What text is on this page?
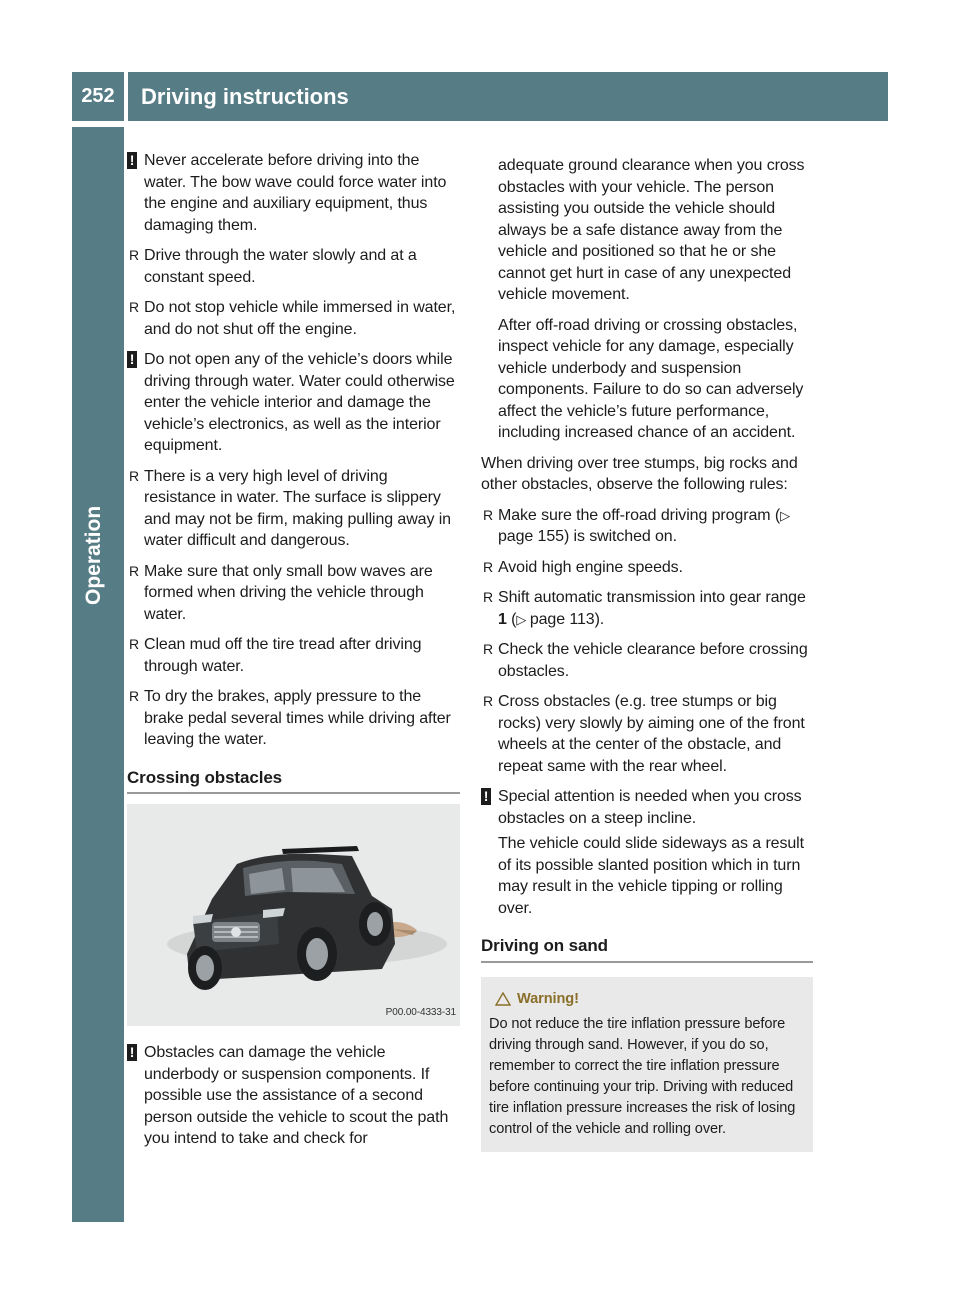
252	Driving instructions
Operation
! Never accelerate before driving into the water. The bow wave could force water into the engine and auxiliary equipment, thus damaging them.
R Drive through the water slowly and at a constant speed.
R Do not stop vehicle while immersed in water, and do not shut off the engine.
! Do not open any of the vehicle’s doors while driving through water. Water could otherwise enter the vehicle interior and damage the vehicle’s electronics, as well as the interior equipment.
R There is a very high level of driving resistance in water. The surface is slippery and may not be firm, making pulling away in water difficult and dangerous.
R Make sure that only small bow waves are formed when driving the vehicle through water.
R Clean mud off the tire tread after driving through water.
R To dry the brakes, apply pressure to the brake pedal several times while driving after leaving the water.
Crossing obstacles
P00.00-4333-31
! Obstacles can damage the vehicle underbody or suspension components. If possible use the assistance of a second person outside the vehicle to scout the path you intend to take and check for
adequate ground clearance when you cross obstacles with your vehicle. The person assisting you outside the vehicle should always be a safe distance away from the vehicle and positioned so that he or she cannot get hurt in case of any unexpected vehicle movement.
After off-road driving or crossing obstacles, inspect vehicle for any damage, especially vehicle underbody and suspension components. Failure to do so can adversely affect the vehicle’s future performance, including increased chance of an accident.
When driving over tree stumps, big rocks and other obstacles, observe the following rules:
R Make sure the off-road driving program (▷ page 155) is switched on.
R Avoid high engine speeds.
R Shift automatic transmission into gear range 1 (▷ page 113).
R Check the vehicle clearance before crossing obstacles.
R Cross obstacles (e.g. tree stumps or big rocks) very slowly by aiming one of the front wheels at the center of the obstacle, and repeat same with the rear wheel.
! Special attention is needed when you cross obstacles on a steep incline.
The vehicle could slide sideways as a result of its possible slanted position which in turn may result in the vehicle tipping or rolling over.
Driving on sand
Warning!
Do not reduce the tire inflation pressure before driving through sand. However, if you do so, remember to correct the tire inflation pressure before continuing your trip. Driving with reduced tire inflation pressure increases the risk of losing control of the vehicle and rolling over.
